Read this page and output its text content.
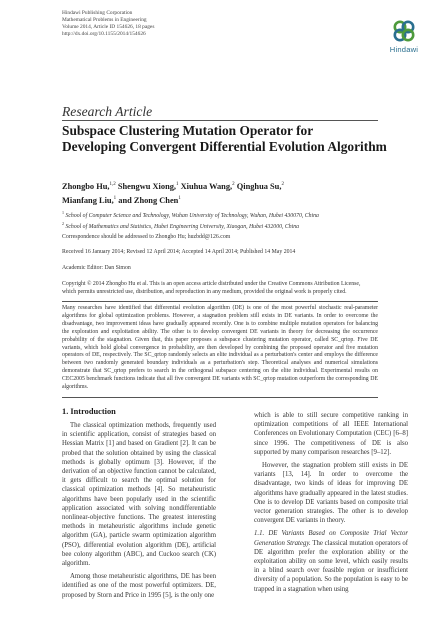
Hindawi Publishing Corporation
Mathematical Problems in Engineering
Volume 2014, Article ID 154626, 18 pages
http://dx.doi.org/10.1155/2014/154626
Hindawi
Research Article
Subspace Clustering Mutation Operator for
Developing Convergent Differential Evolution Algorithm
Zhongbo Hu,$^{1,2}$ Shengwu Xiong,$^1$ Xiuhua Wang,$^2$ Qinghua Su,$^2$
Mianfang Liu,$^1$ and Zhong Chen$^1$
$^1$ School of Computer Science and Technology, Wuhan University of Technology, Wuhan, Hubei 430070, China
$^2$ School of Mathematics and Statistics, Hubei Engineering University, Xiaogan, Hubei 432000, China
Correspondence should be addressed to Zhongbo Hu; huzbdd@126.com
Received 16 January 2014; Revised 12 April 2014; Accepted 14 April 2014; Published 14 May 2014
Academic Editor: Dan Simon
Copyright © 2014 Zhongbo Hu et al. This is an open access article distributed under the Creative Commons Attribution License,
which permits unrestricted use, distribution, and reproduction in any medium, provided the original work is properly cited.
Many researches have identified that differential evolution algorithm (DE) is one of the most powerful stochastic real-parameter algorithms for global optimization problems. However, a stagnation problem still exists in DE variants. In order to overcome the disadvantage, two improvement ideas have gradually appeared recently. One is to combine multiple mutation operators for balancing the exploration and exploitation ability. The other is to develop convergent DE variants in theory for decreasing the occurrence probability of the stagnation. Given that, this paper proposes a subspace clustering mutation operator, called SC_qrtop. Five DE variants, which hold global convergence in probability, are then developed by combining the proposed operator and five mutation operators of DE, respectively. The SC_qrtop randomly selects an elite individual as a perturbation's center and employs the difference between two randomly generated boundary individuals as a perturbation's step. Theoretical analyses and numerical simulations demonstrate that SC_qrtop prefers to search in the orthogonal subspace centering on the elite individual. Experimental results on CEC2005 benchmark functions indicate that all five convergent DE variants with SC_qrtop mutation outperform the corresponding DE algorithms.
1. Introduction

The classical optimization methods, frequently used in scientific application, consist of strategies based on Hessian Matrix [1] and based on Gradient [2]. It can be probed that the solution obtained by using the classical methods is globally optimum [3]. However, if the derivation of an objective function cannot be calculated, it gets difficult to search the optimal solution for classical optimization methods [4]. So metaheuristic algorithms have been popularly used in the scientific application associated with solving nondifferentiable nonlinear-objective functions. The greatest interesting methods in metaheuristic algorithms include genetic algorithm (GA), particle swarm optimization algorithm (PSO), differential evolution algorithm (DE), artificial bee colony algorithm (ABC), and Cuckoo search (CK) algorithm.

Among those metaheuristic algorithms, DE has been identified as one of the most powerful optimizers. DE, proposed by Storn and Price in 1995 [5], is the only one

which is able to still secure competitive ranking in optimization competitions of all IEEE International Conferences on Evolutionary Computation (CEC) [6–8] since 1996. The competitiveness of DE is also supported by many comparison researches [9–12].

However, the stagnation problem still exists in DE variants [13, 14]. In order to overcome the disadvantage, two kinds of ideas for improving DE algorithms have gradually appeared in the latest studies. One is to develop DE variants based on composite trial vector generation strategies. The other is to develop convergent DE variants in theory.

1.1. DE Variants Based on Composite Trial Vector Generation Strategy. The classical mutation operators of DE algorithm prefer the exploration ability or the exploitation ability on some level, which easily results in a blind search over feasible region or insufficient diversity of a population. So the population is easy to be trapped in a stagnation when using
